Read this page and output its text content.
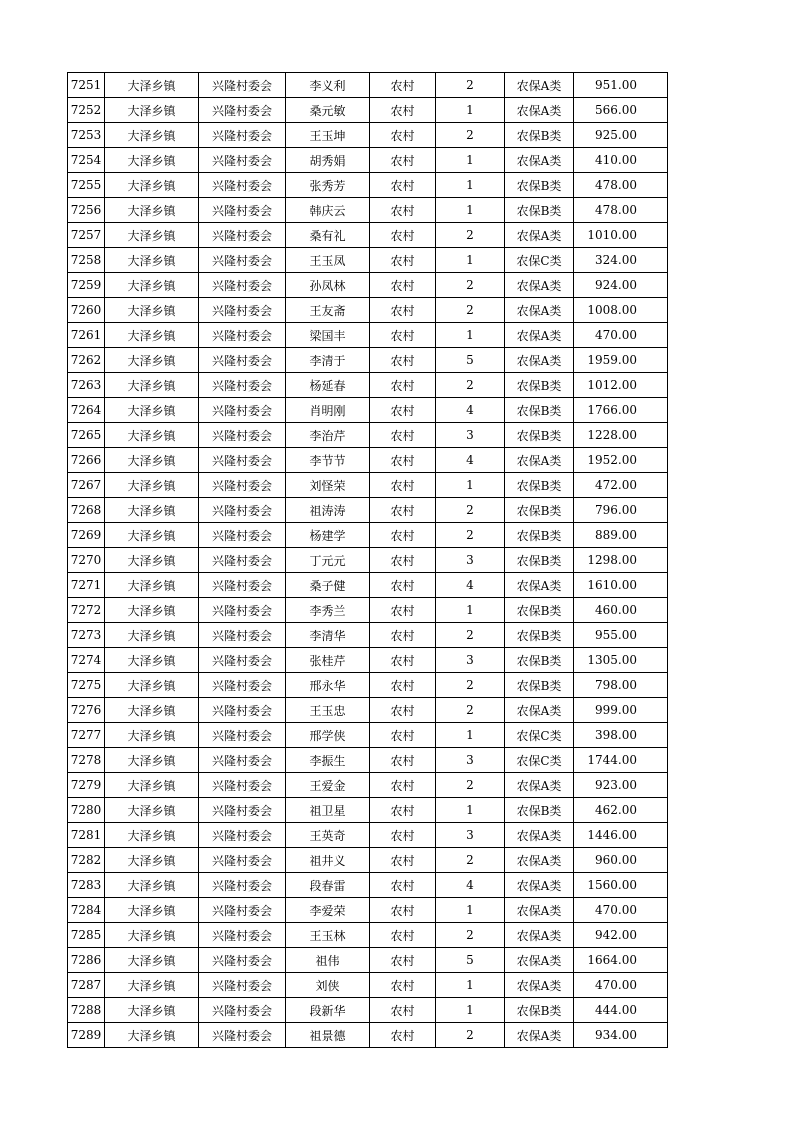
7251	大泽乡镇	兴隆村委会	李义利	农村	2	农保A类	951.00
7252	大泽乡镇	兴隆村委会	桑元敏	农村	1	农保A类	566.00
7253	大泽乡镇	兴隆村委会	王玉坤	农村	2	农保B类	925.00
7254	大泽乡镇	兴隆村委会	胡秀娟	农村	1	农保A类	410.00
7255	大泽乡镇	兴隆村委会	张秀芳	农村	1	农保B类	478.00
7256	大泽乡镇	兴隆村委会	韩庆云	农村	1	农保B类	478.00
7257	大泽乡镇	兴隆村委会	桑有礼	农村	2	农保A类	1010.00
7258	大泽乡镇	兴隆村委会	王玉凤	农村	1	农保C类	324.00
7259	大泽乡镇	兴隆村委会	孙凤林	农村	2	农保A类	924.00
7260	大泽乡镇	兴隆村委会	王友斋	农村	2	农保A类	1008.00
7261	大泽乡镇	兴隆村委会	梁国丰	农村	1	农保A类	470.00
7262	大泽乡镇	兴隆村委会	李清于	农村	5	农保A类	1959.00
7263	大泽乡镇	兴隆村委会	杨延春	农村	2	农保B类	1012.00
7264	大泽乡镇	兴隆村委会	肖明刚	农村	4	农保B类	1766.00
7265	大泽乡镇	兴隆村委会	李治芹	农村	3	农保B类	1228.00
7266	大泽乡镇	兴隆村委会	李节节	农村	4	农保A类	1952.00
7267	大泽乡镇	兴隆村委会	刘怪荣	农村	1	农保B类	472.00
7268	大泽乡镇	兴隆村委会	祖涛涛	农村	2	农保B类	796.00
7269	大泽乡镇	兴隆村委会	杨建学	农村	2	农保B类	889.00
7270	大泽乡镇	兴隆村委会	丁元元	农村	3	农保B类	1298.00
7271	大泽乡镇	兴隆村委会	桑子健	农村	4	农保A类	1610.00
7272	大泽乡镇	兴隆村委会	李秀兰	农村	1	农保B类	460.00
7273	大泽乡镇	兴隆村委会	李清华	农村	2	农保B类	955.00
7274	大泽乡镇	兴隆村委会	张桂芹	农村	3	农保B类	1305.00
7275	大泽乡镇	兴隆村委会	邢永华	农村	2	农保B类	798.00
7276	大泽乡镇	兴隆村委会	王玉忠	农村	2	农保A类	999.00
7277	大泽乡镇	兴隆村委会	邢学侠	农村	1	农保C类	398.00
7278	大泽乡镇	兴隆村委会	李振生	农村	3	农保C类	1744.00
7279	大泽乡镇	兴隆村委会	王爱金	农村	2	农保A类	923.00
7280	大泽乡镇	兴隆村委会	祖卫星	农村	1	农保B类	462.00
7281	大泽乡镇	兴隆村委会	王英奇	农村	3	农保A类	1446.00
7282	大泽乡镇	兴隆村委会	祖井义	农村	2	农保A类	960.00
7283	大泽乡镇	兴隆村委会	段春雷	农村	4	农保A类	1560.00
7284	大泽乡镇	兴隆村委会	李爱荣	农村	1	农保A类	470.00
7285	大泽乡镇	兴隆村委会	王玉林	农村	2	农保A类	942.00
7286	大泽乡镇	兴隆村委会	祖伟	农村	5	农保A类	1664.00
7287	大泽乡镇	兴隆村委会	刘侠	农村	1	农保A类	470.00
7288	大泽乡镇	兴隆村委会	段新华	农村	1	农保B类	444.00
7289	大泽乡镇	兴隆村委会	祖景德	农村	2	农保A类	934.00
